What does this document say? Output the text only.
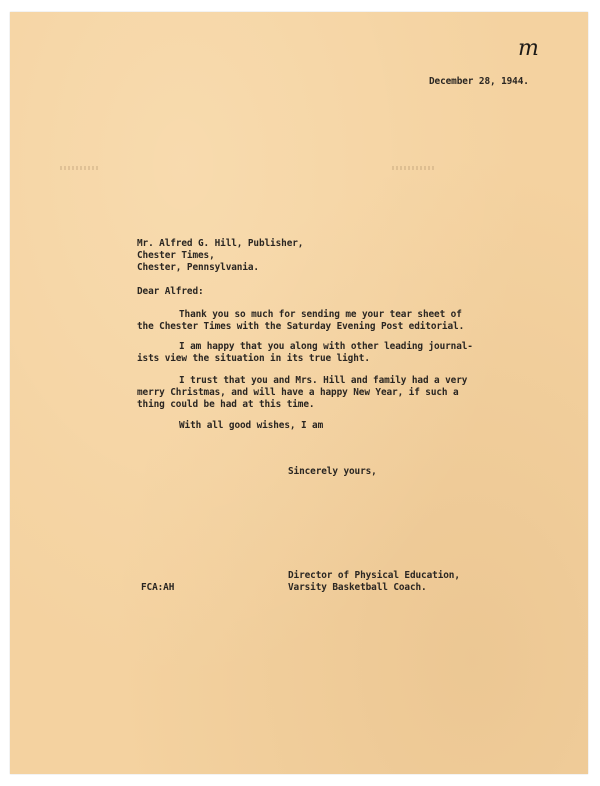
m
December 28, 1944.
Mr. Alfred G. Hill, Publisher,
Chester Times,
Chester, Pennsylvania.
Dear Alfred:
Thank you so much for sending me your tear sheet of
the Chester Times with the Saturday Evening Post editorial.
I am happy that you along with other leading journal-
ists view the situation in its true light.
I trust that you and Mrs. Hill and family had a very
merry Christmas, and will have a happy New Year, if such a
thing could be had at this time.
With all good wishes, I am
Sincerely yours,
Director of Physical Education,
Varsity Basketball Coach.
FCA:AH
